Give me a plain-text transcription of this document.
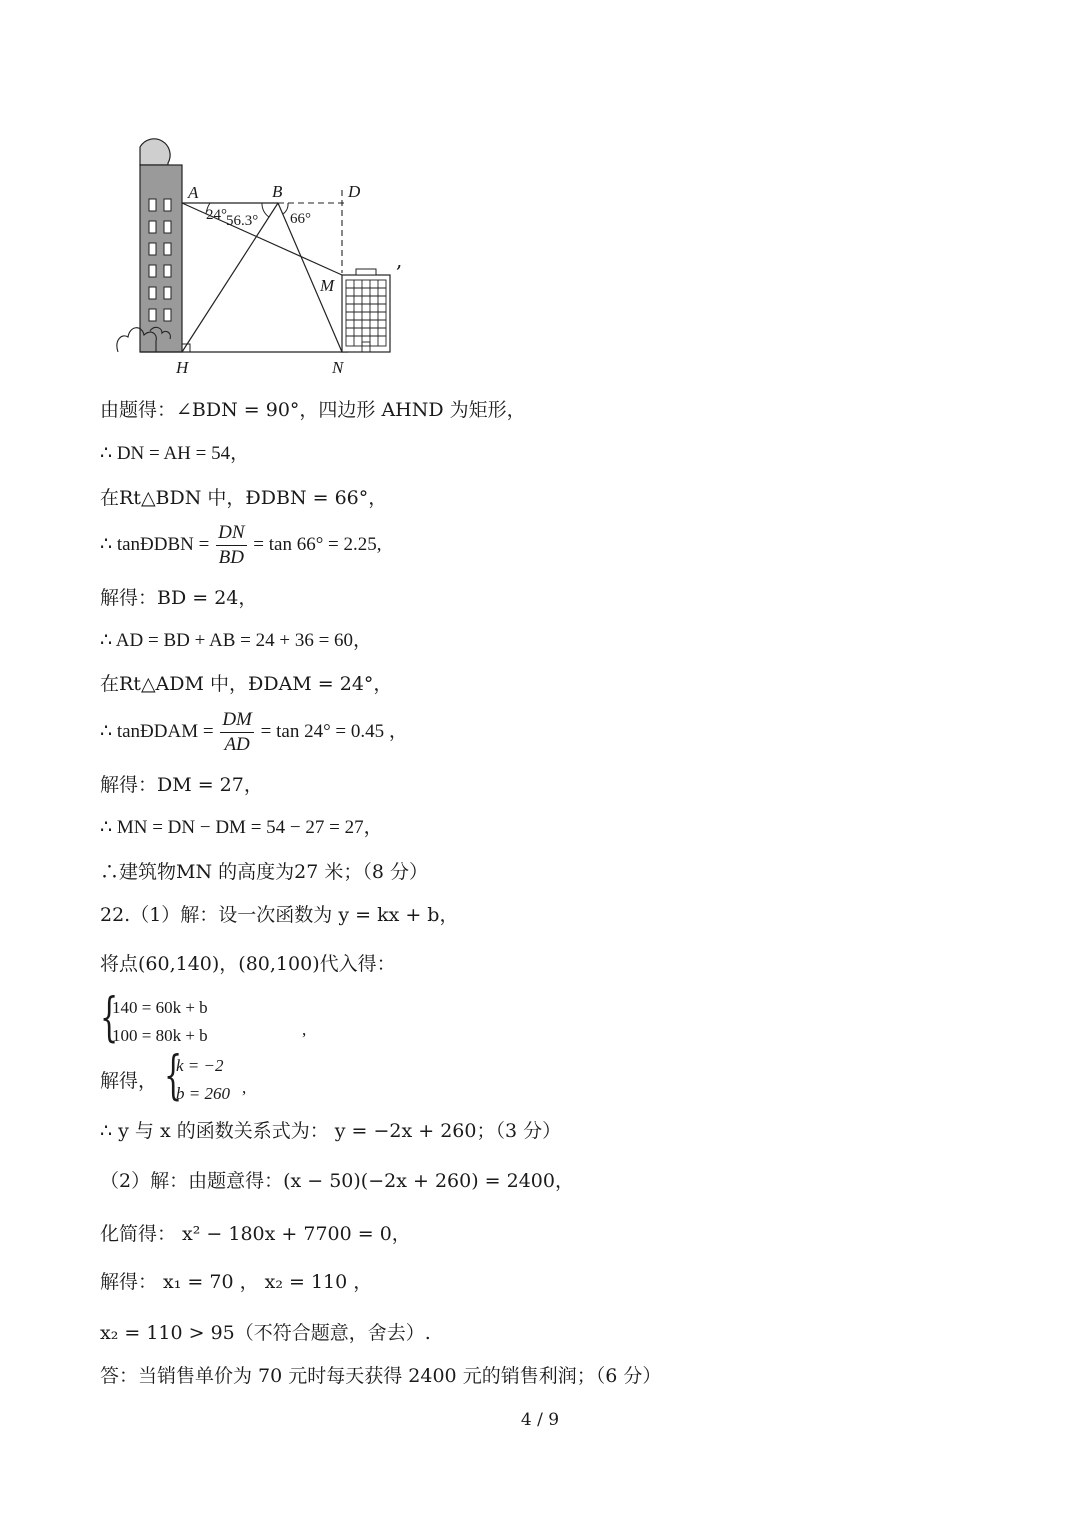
A	B	D
M
H	N
24° 56.3° 66°
,
由题得：∠BDN = 90°，四边形 AHND 为矩形，
∴ DN = AH = 54，
在Rt△BDN 中，ÐDBN = 66°，
∴ tanÐDBN = $\frac{DN}{BD} = \tan 66^\circ = 2.25$,
解得：BD = 24，
∴ AD = BD + AB = 24 + 36 = 60，
在Rt△ADM 中，ÐDAM = 24°，
∴ tanÐDAM = $\frac{DM}{AD} = \tan 24^\circ = 0.45$ ，
解得：DM = 27，
∴ MN = DN − DM = 54 − 27 = 27，
∴建筑物MN 的高度为27 米；（8 分）
22.（1）解：设一次函数为 y = kx + b，
将点(60,140)，(80,100)代入得：
{
140 = 60k + b
100 = 80k + b	,
解得， {
k = −2
b = 260 ,
∴ y 与 x 的函数关系式为： y = −2x + 260；（3 分）
（2）解：由题意得：(x − 50)(−2x + 260) = 2400，
化简得： x² − 180x + 7700 = 0，
解得： x₁ = 70 ， x₂ = 110 ，
x₂ = 110 > 95（不符合题意，舍去）.
答：当销售单价为 70 元时每天获得 2400 元的销售利润；（6 分）
4 / 9
